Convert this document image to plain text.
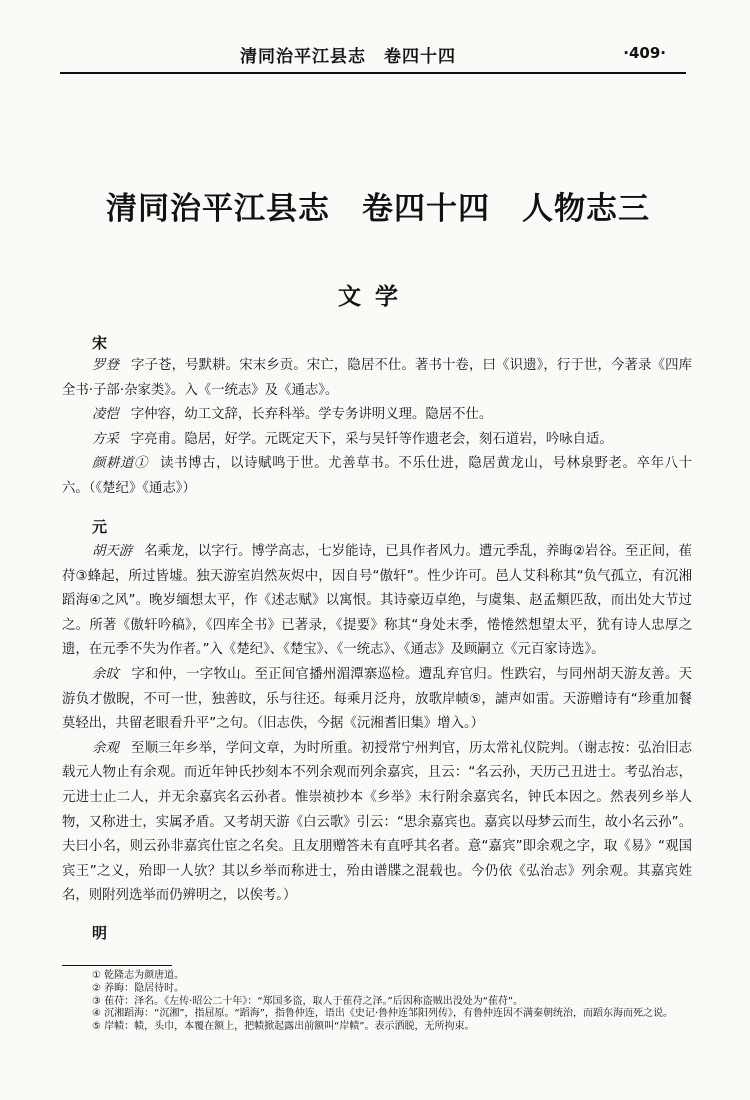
清同治平江县志　卷四十四	·409·
清同治平江县志　卷四十四　人物志三
文学
宋
罗登 字子苍，号默耕。宋末乡贡。宋亡，隐居不仕。著书十卷，曰《识遗》，行于世，今著录《四库全书·子部·杂家类》。入《一统志》及《通志》。
凌恺 字仲容，幼工文辞，长弃科举。学专务讲明义理。隐居不仕。
方采 字亮甫。隐居，好学。元既定天下，采与吴钎等作遗老会，刻石道岩，吟咏自适。
颜耕道① 读书博古，以诗赋鸣于世。尤善草书。不乐仕进，隐居黄龙山，号林泉野老。卒年八十六。（《楚纪》《通志》）
元
胡天游 名乘龙，以字行。博学高志，七岁能诗，已具作者风力。遭元季乱，养晦②岩谷。至正间，萑苻③蜂起，所过皆墟。独天游室岿然灰烬中，因自号“傲轩”。性少许可。邑人艾科称其“负气孤立，有沉湘蹈海④之风”。晚岁缅想太平，作《述志赋》以寓恨。其诗豪迈卓绝，与虞集、赵孟頫匹敌，而出处大节过之。所著《傲轩吟稿》，《四库全书》已著录，《提要》称其“身处末季，惓惓然想望太平，犹有诗人忠厚之遗，在元季不失为作者。”入《楚纪》、《楚宝》、《一统志》、《通志》及顾嗣立《元百家诗选》。
余旼 字和仲，一字牧山。至正间官播州湄潭寨巡检。遭乱弃官归。性跌宕，与同州胡天游友善。天游负才傲睨，不可一世，独善旼，乐与往还。每乘月泛舟，放歌岸帻⑤，謔声如雷。天游赠诗有“珍重加餐莫轻出，共留老眼看升平”之句。（旧志佚，今据《沅湘耆旧集》增入。）
余观 至顺三年乡举，学问文章，为时所重。初授常宁州判官，历太常礼仪院判。（谢志按：弘治旧志载元人物止有余观。而近年钟氏抄刻本不列余观而列余嘉宾，且云：“名云孙，天历己丑进士。考弘治志，元进士止二人，并无余嘉宾名云孙者。惟崇祯抄本《乡举》末行附余嘉宾名，钟氏本因之。然表列乡举人物，又称进士，实属矛盾。又考胡天游《白云歌》引云：“思余嘉宾也。嘉宾以母梦云而生，故小名云孙”。夫曰小名，则云孙非嘉宾仕宦之名矣。且友朋赠答未有直呼其名者。意“嘉宾”即余观之字，取《易》“观国宾王”之义，殆即一人欤？其以乡举而称进士，殆由谱牒之混载也。今仍依《弘治志》列余观。其嘉宾姓名，则附列选举而仍辨明之，以俟考。）
明

① 乾隆志为颜唐道。

② 养晦：隐居待时。

③ 萑苻：泽名。《左传·昭公二十年》：“郑国多盗，取人于萑苻之泽。”后因称盗贼出没处为“萑苻”。

④ 沉湘蹈海：“沉湘”，指屈原。“蹈海”，指鲁仲连，语出《史记·鲁仲连邹阳列传》，有鲁仲连因不满秦朝统治，而蹈东海而死之说。

⑤ 岸帻：帻，头巾，本覆在额上，把帻掀起露出前额叫“岸帻”。表示洒脱，无所拘束。
